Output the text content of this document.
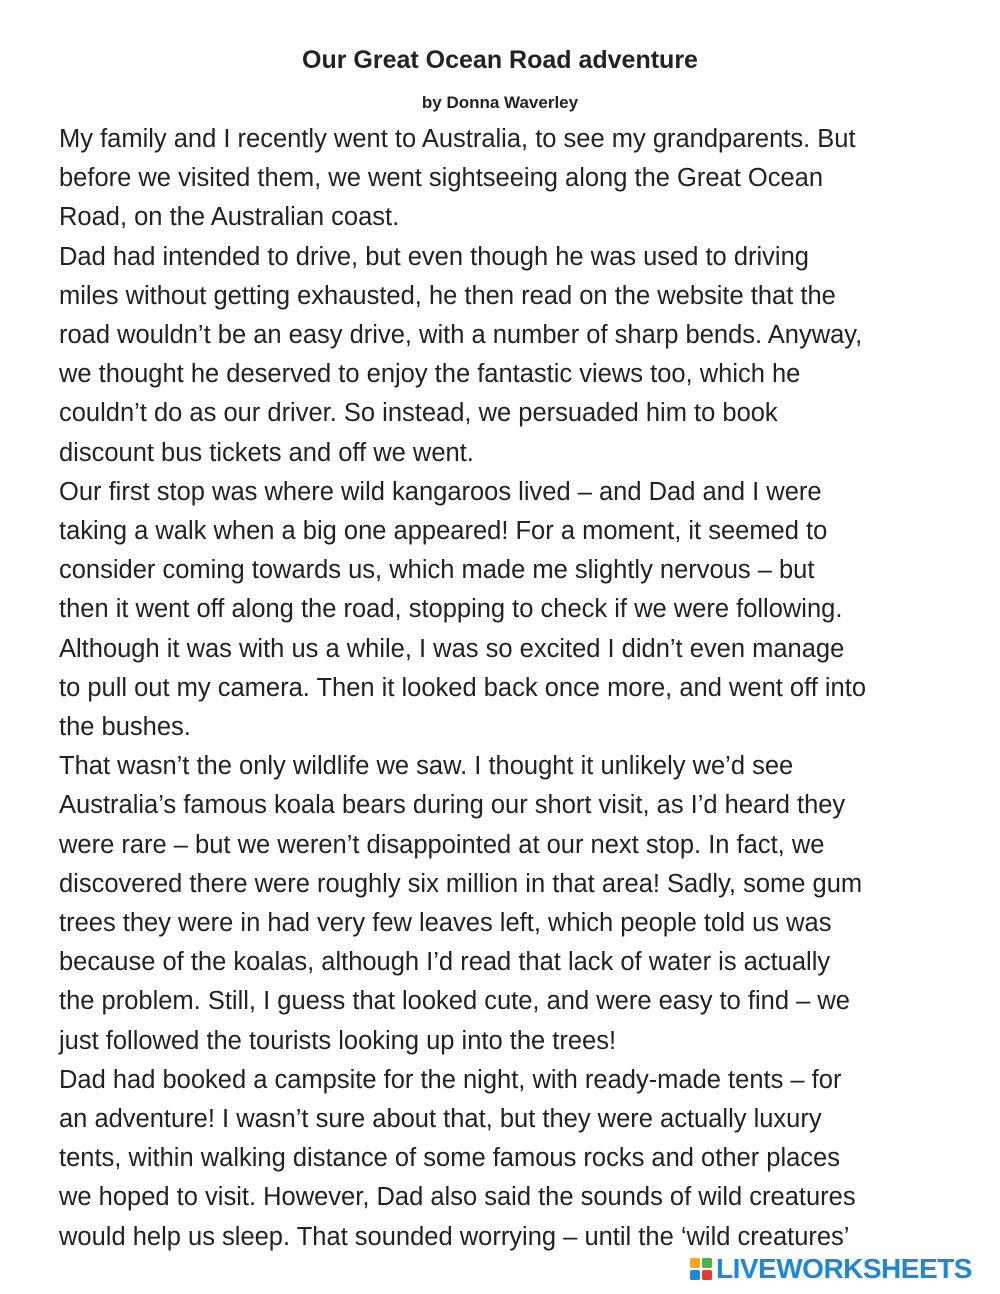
Our Great Ocean Road adventure
by Donna Waverley
My family and I recently went to Australia, to see my grandparents. But
before we visited them, we went sightseeing along the Great Ocean
Road, on the Australian coast.
Dad had intended to drive, but even though he was used to driving
miles without getting exhausted, he then read on the website that the
road wouldn’t be an easy drive, with a number of sharp bends. Anyway,
we thought he deserved to enjoy the fantastic views too, which he
couldn’t do as our driver. So instead, we persuaded him to book
discount bus tickets and off we went.
Our first stop was where wild kangaroos lived – and Dad and I were
taking a walk when a big one appeared! For a moment, it seemed to
consider coming towards us, which made me slightly nervous – but
then it went off along the road, stopping to check if we were following.
Although it was with us a while, I was so excited I didn’t even manage
to pull out my camera. Then it looked back once more, and went off into
the bushes.
That wasn’t the only wildlife we saw. I thought it unlikely we’d see
Australia’s famous koala bears during our short visit, as I’d heard they
were rare – but we weren’t disappointed at our next stop. In fact, we
discovered there were roughly six million in that area! Sadly, some gum
trees they were in had very few leaves left, which people told us was
because of the koalas, although I’d read that lack of water is actually
the problem. Still, I guess that looked cute, and were easy to find – we
just followed the tourists looking up into the trees!
Dad had booked a campsite for the night, with ready-made tents – for
an adventure! I wasn’t sure about that, but they were actually luxury
tents, within walking distance of some famous rocks and other places
we hoped to visit. However, Dad also said the sounds of wild creatures
would help us sleep. That sounded worrying – until the ‘wild creatures’
LIVEWORKSHEETS
